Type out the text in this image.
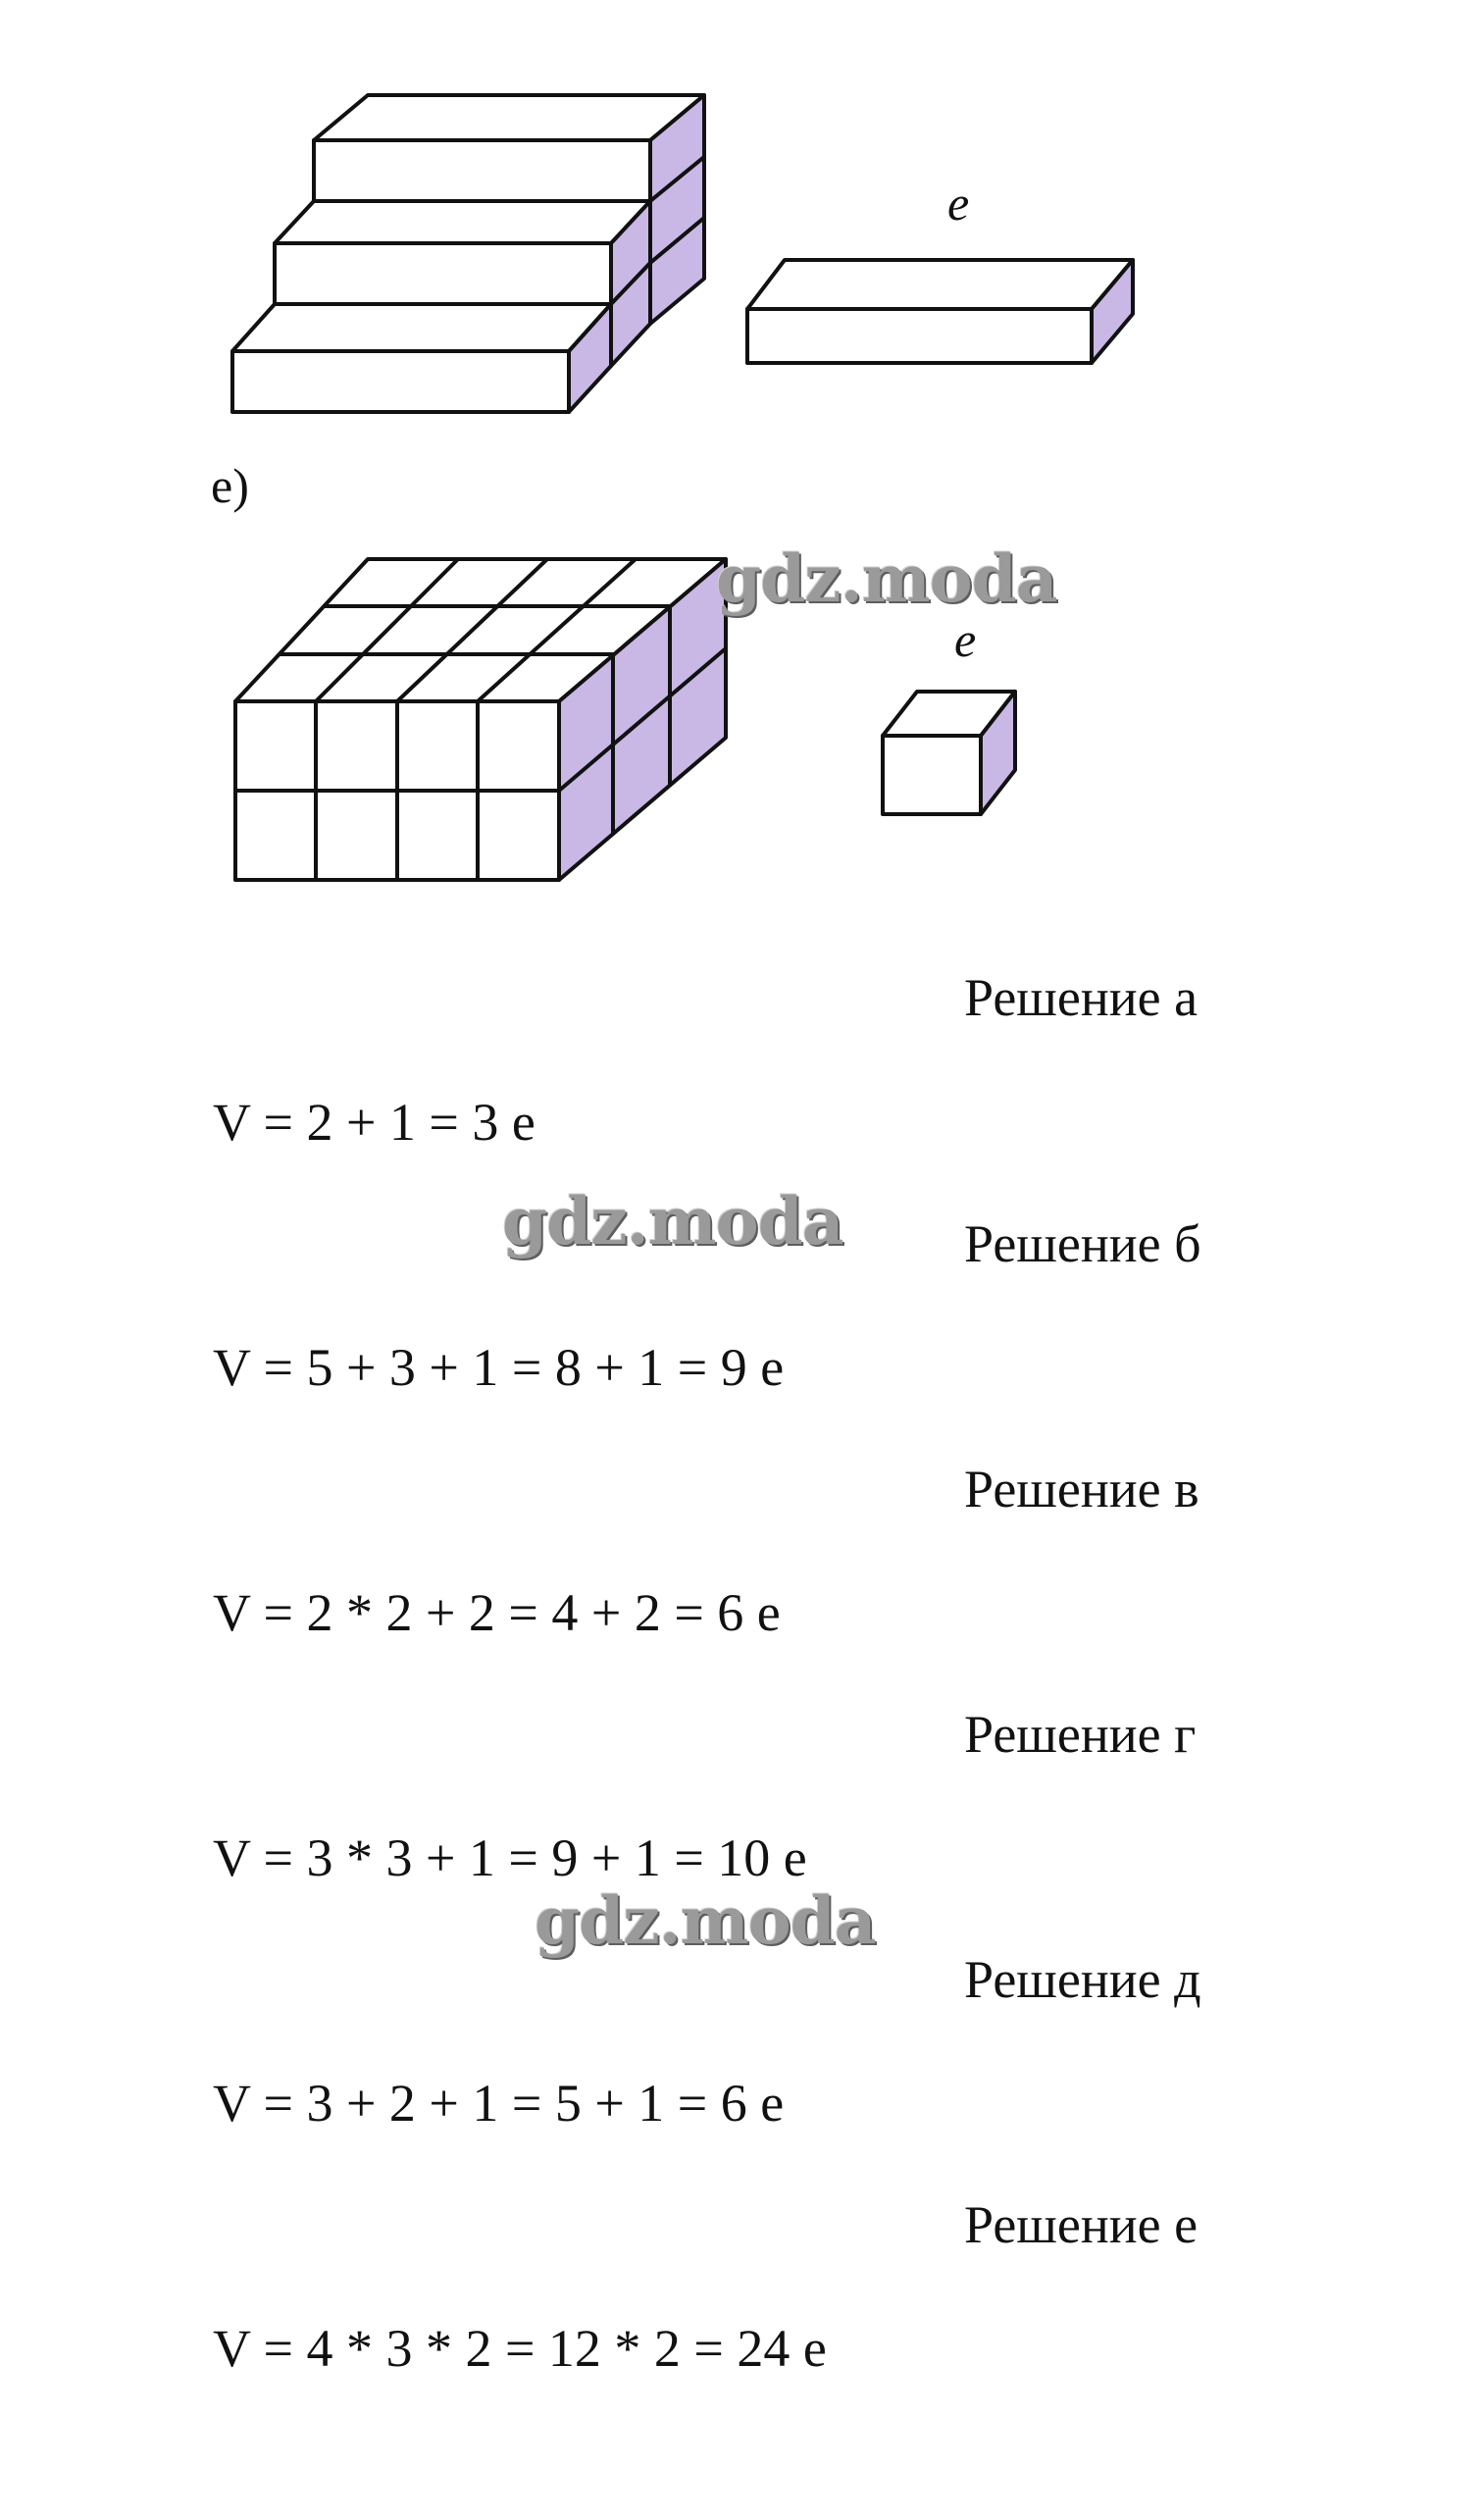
е
е)
е
gdz.moda
gdz.moda
gdz.moda
Решение а
V = 2 + 1 = 3 е
Решение б
V = 5 + 3 + 1 = 8 + 1 = 9 е
Решение в
V = 2 * 2 + 2 = 4 + 2 = 6 е
Решение г
V = 3 * 3 + 1 = 9 + 1 = 10 е
Решение д
V = 3 + 2 + 1 = 5 + 1 = 6 е
Решение е
V = 4 * 3 * 2 = 12 * 2 = 24 е
